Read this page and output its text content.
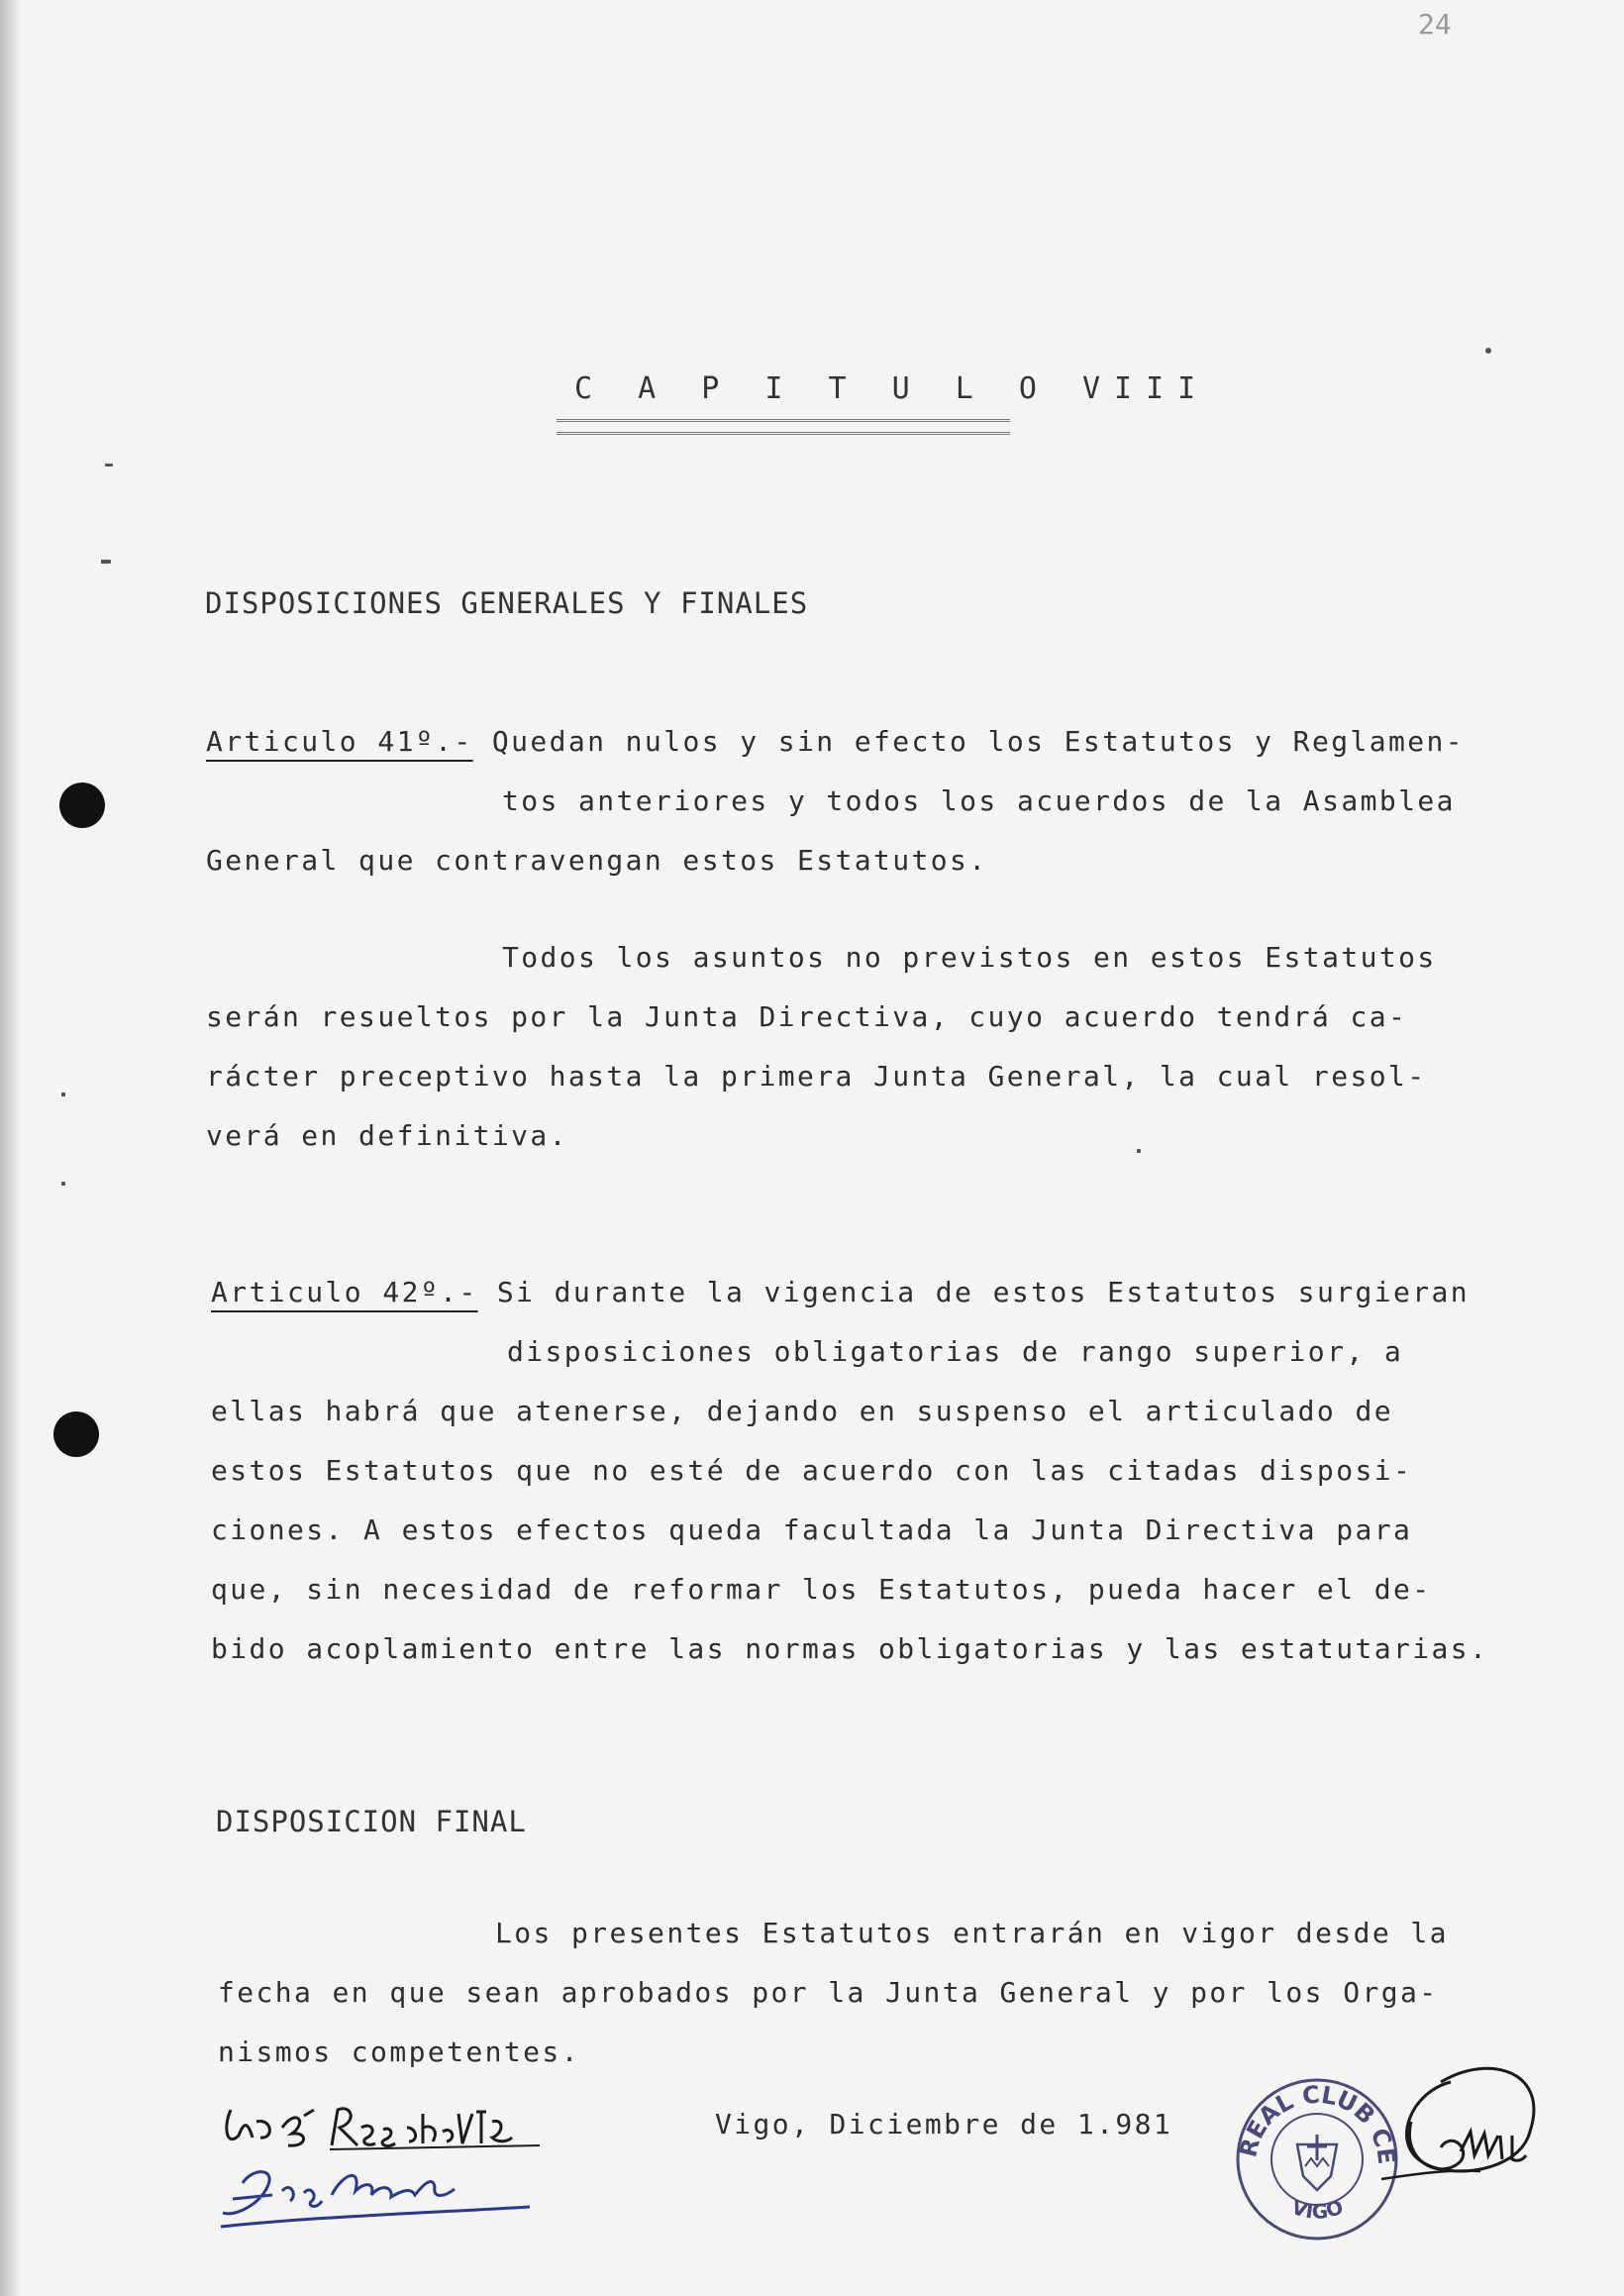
24
C A P I T U L O VIII
DISPOSICIONES GENERALES Y FINALES
Articulo 41º.- Quedan nulos y sin efecto los Estatutos y Reglamen-
tos anteriores y todos los acuerdos de la Asamblea
General que contravengan estos Estatutos.
Todos los asuntos no previstos en estos Estatutos
serán resueltos por la Junta Directiva, cuyo acuerdo tendrá ca-
rácter preceptivo hasta la primera Junta General, la cual resol-
verá en definitiva.
Articulo 42º.- Si durante la vigencia de estos Estatutos surgieran
disposiciones obligatorias de rango superior, a
ellas habrá que atenerse, dejando en suspenso el articulado de
estos Estatutos que no esté de acuerdo con las citadas disposi-
ciones. A estos efectos queda facultada la Junta Directiva para
que, sin necesidad de reformar los Estatutos, pueda hacer el de-
bido acoplamiento entre las normas obligatorias y las estatutarias.
DISPOSICION FINAL
Los presentes Estatutos entrarán en vigor desde la
fecha en que sean aprobados por la Junta General y por los Orga-
nismos competentes.
Vigo, Diciembre de 1.981
REAL CLUB CELTA
VIGO
